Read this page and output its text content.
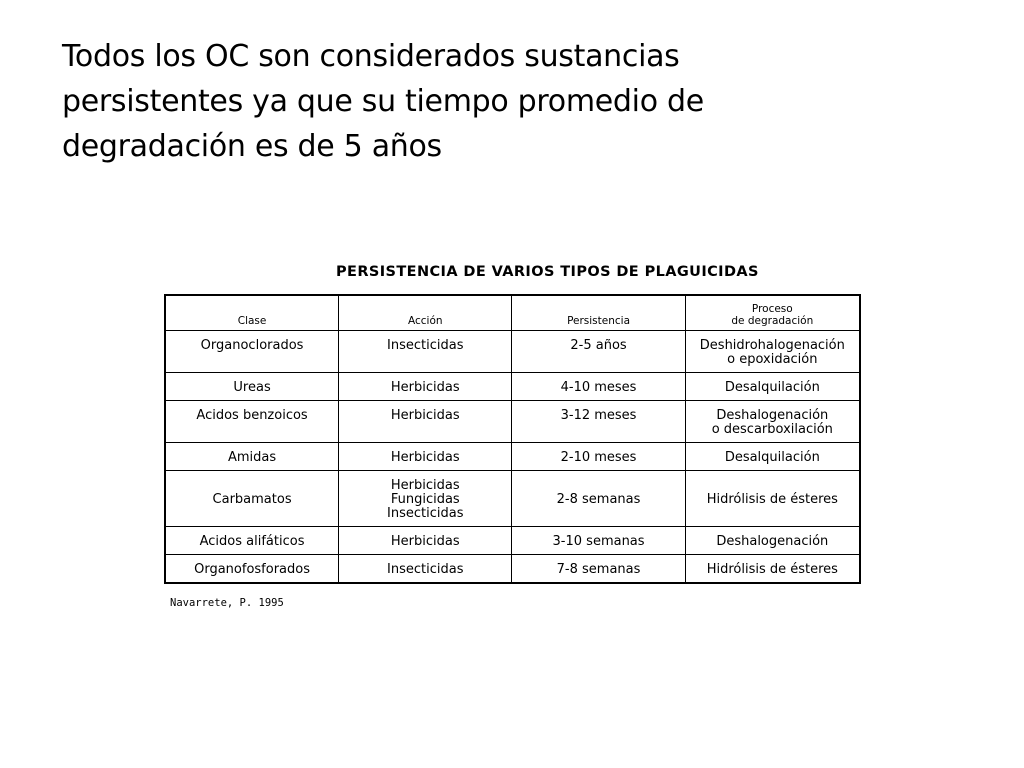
Todos los OC son considerados sustancias
persistentes ya que su tiempo promedio de
degradación es de 5 años
PERSISTENCIA DE VARIOS TIPOS DE PLAGUICIDAS
Clase	Acción	Persistencia	Proceso
de degradación

Organoclorados	Insecticidas	2-5 años	Deshidrohalogenación
o epoxidación

Ureas	Herbicidas	4-10 meses	Desalquilación

Acidos benzoicos	Herbicidas	3-12 meses	Deshalogenación
o descarboxilación

Amidas	Herbicidas	2-10 meses	Desalquilación

Carbamatos	Herbicidas
Fungicidas
Insecticidas	2-8 semanas	Hidrólisis de ésteres

Acidos alifáticos	Herbicidas	3-10 semanas	Deshalogenación

Organofosforados	Insecticidas	7-8 semanas	Hidrólisis de ésteres
Navarrete, P. 1995
